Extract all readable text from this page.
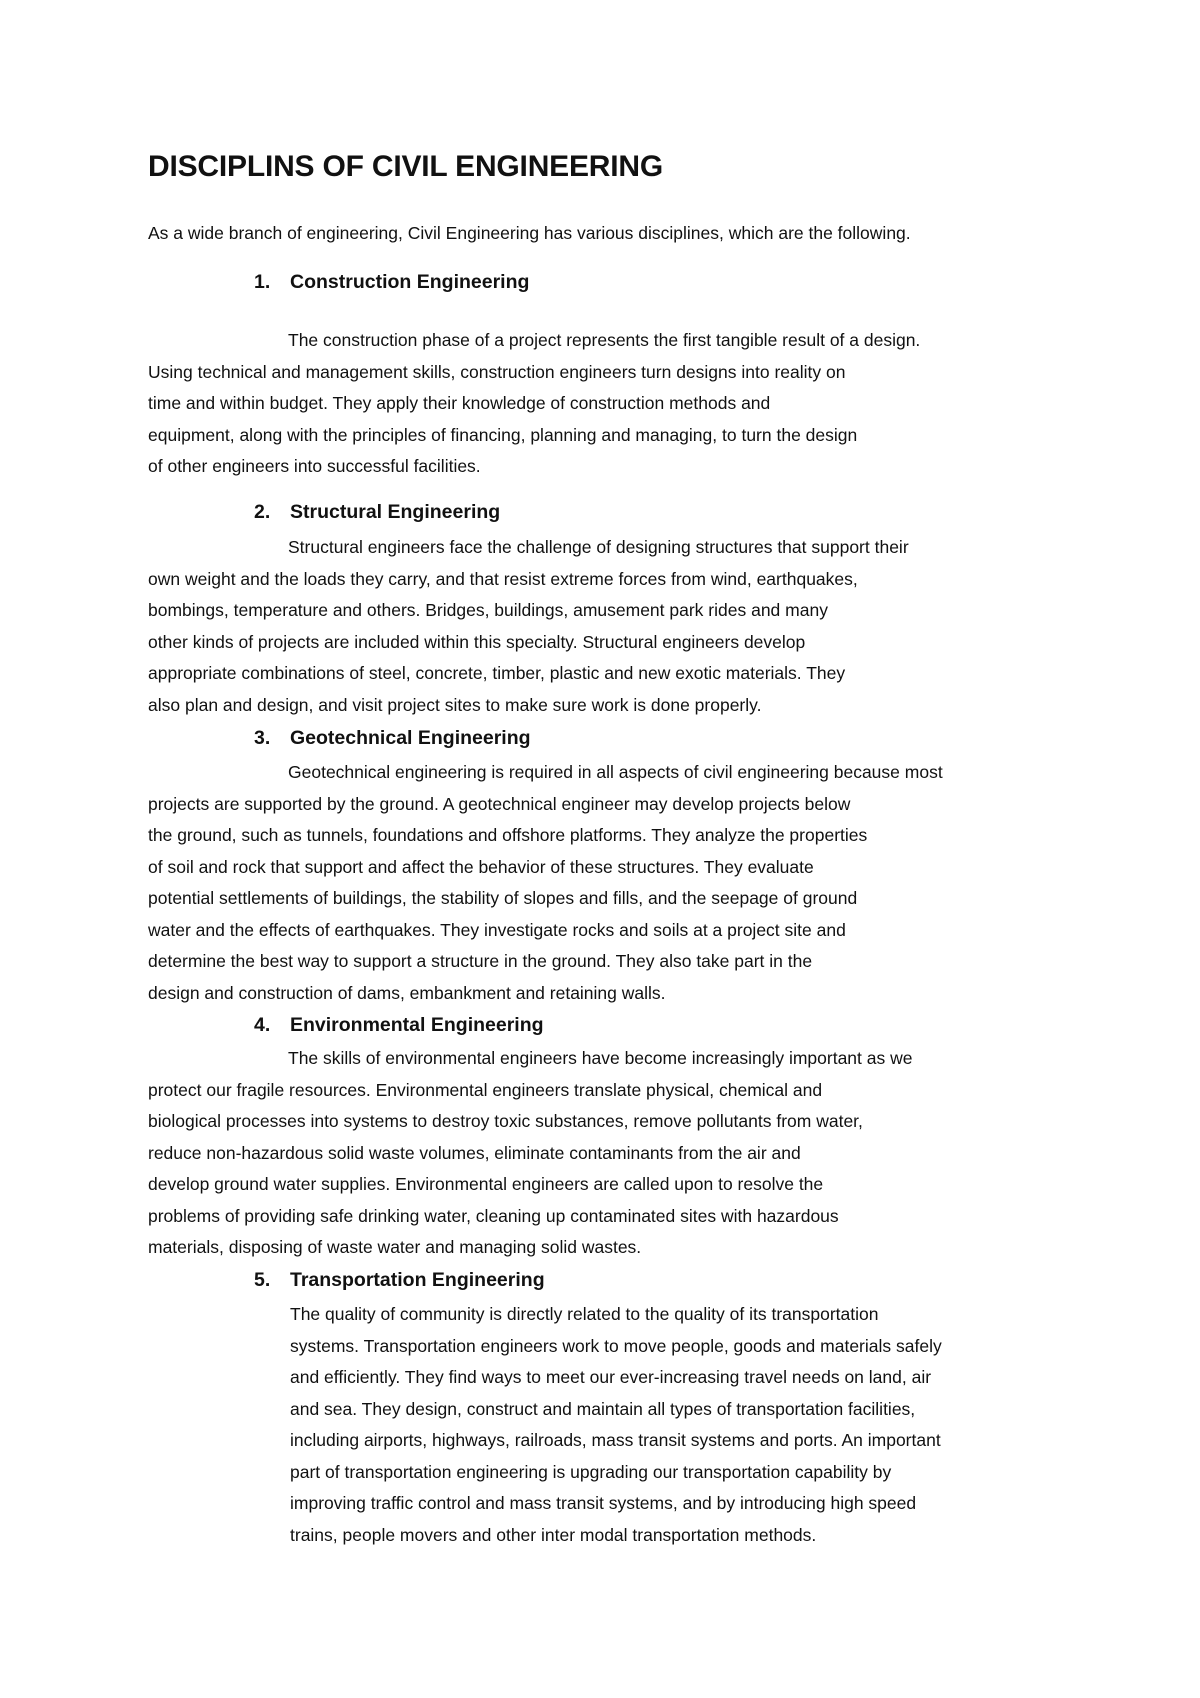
DISCIPLINS OF CIVIL ENGINEERING

As a wide branch of engineering, Civil Engineering has various disciplines, which are the following.

1. Construction Engineering
The construction phase of a project represents the first tangible result of a design.
Using technical and management skills, construction engineers turn designs into reality on
time and within budget. They apply their knowledge of construction methods and
equipment, along with the principles of financing, planning and managing, to turn the design
of other engineers into successful facilities.
2. Structural Engineering
Structural engineers face the challenge of designing structures that support their
own weight and the loads they carry, and that resist extreme forces from wind, earthquakes,
bombings, temperature and others. Bridges, buildings, amusement park rides and many
other kinds of projects are included within this specialty. Structural engineers develop
appropriate combinations of steel, concrete, timber, plastic and new exotic materials. They
also plan and design, and visit project sites to make sure work is done properly.
3. Geotechnical Engineering
Geotechnical engineering is required in all aspects of civil engineering because most
projects are supported by the ground. A geotechnical engineer may develop projects below
the ground, such as tunnels, foundations and offshore platforms. They analyze the properties
of soil and rock that support and affect the behavior of these structures. They evaluate
potential settlements of buildings, the stability of slopes and fills, and the seepage of ground
water and the effects of earthquakes. They investigate rocks and soils at a project site and
determine the best way to support a structure in the ground. They also take part in the
design and construction of dams, embankment and retaining walls.
4. Environmental Engineering
The skills of environmental engineers have become increasingly important as we
protect our fragile resources. Environmental engineers translate physical, chemical and
biological processes into systems to destroy toxic substances, remove pollutants from water,
reduce non-hazardous solid waste volumes, eliminate contaminants from the air and
develop ground water supplies. Environmental engineers are called upon to resolve the
problems of providing safe drinking water, cleaning up contaminated sites with hazardous
materials, disposing of waste water and managing solid wastes.
5. Transportation Engineering
The quality of community is directly related to the quality of its transportation
systems. Transportation engineers work to move people, goods and materials safely
and efficiently. They find ways to meet our ever-increasing travel needs on land, air
and sea. They design, construct and maintain all types of transportation facilities,
including airports, highways, railroads, mass transit systems and ports. An important
part of transportation engineering is upgrading our transportation capability by
improving traffic control and mass transit systems, and by introducing high speed
trains, people movers and other inter modal transportation methods.
